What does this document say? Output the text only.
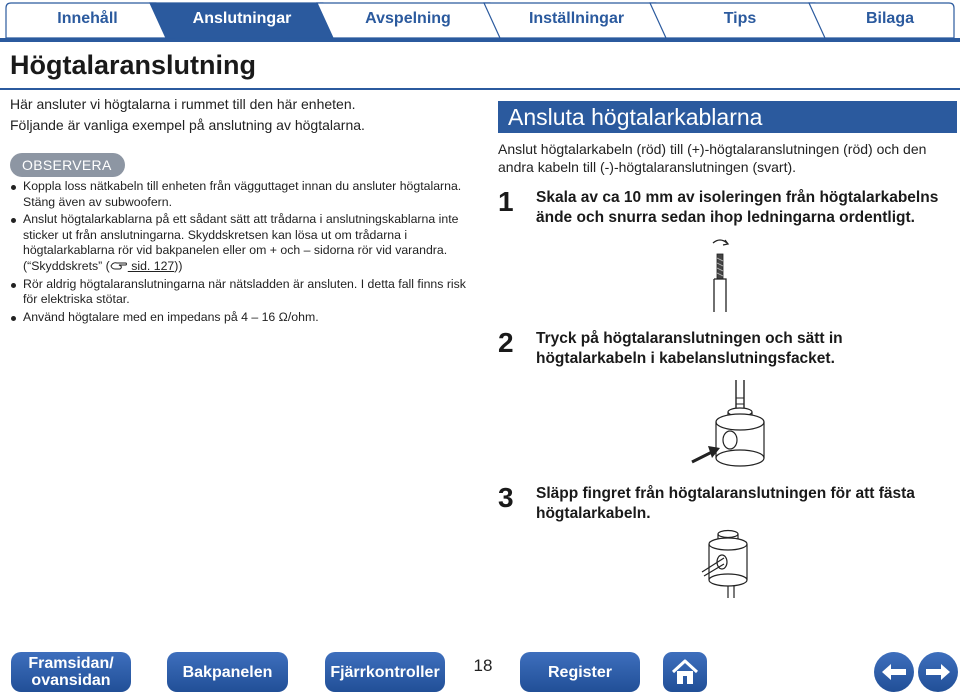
Innehåll	Anslutningar	Avspelning	Inställningar	Tips	Bilaga
Högtalaranslutning
Här ansluter vi högtalarna i rummet till den här enheten.
Följande är vanliga exempel på anslutning av högtalarna.
OBSERVERA
Koppla loss nätkabeln till enheten från vägguttaget innan du ansluter högtalarna. Stäng även av subwoofern.
Anslut högtalarkablarna på ett sådant sätt att trådarna i anslutningskablarna inte sticker ut från anslutningarna. Skyddskretsen kan lösa ut om trådarna i högtalarkablarna rör vid bakpanelen eller om + och – sidorna rör vid varandra.
(“Skyddskrets” ( sid. 127))
Rör aldrig högtalaranslutningarna när nätsladden är ansluten. I detta fall finns risk för elektriska stötar.
Använd högtalare med en impedans på 4 – 16 Ω/ohm.
Ansluta högtalarkablarna
Anslut högtalarkabeln (röd) till (+)-högtalaranslutningen (röd) och den andra kabeln till (-)-högtalaranslutningen (svart).
1 Skala av ca 10 mm av isoleringen från högtalarkabelns ände och snurra sedan ihop ledningarna ordentligt.
2 Tryck på högtalaranslutningen och sätt in högtalarkabeln i kabelanslutningsfacket.
3 Släpp fingret från högtalaranslutningen för att fästa högtalarkabeln.
Framsidan/ ovansidan	Bakpanelen	Fjärrkontroller	18	Register
